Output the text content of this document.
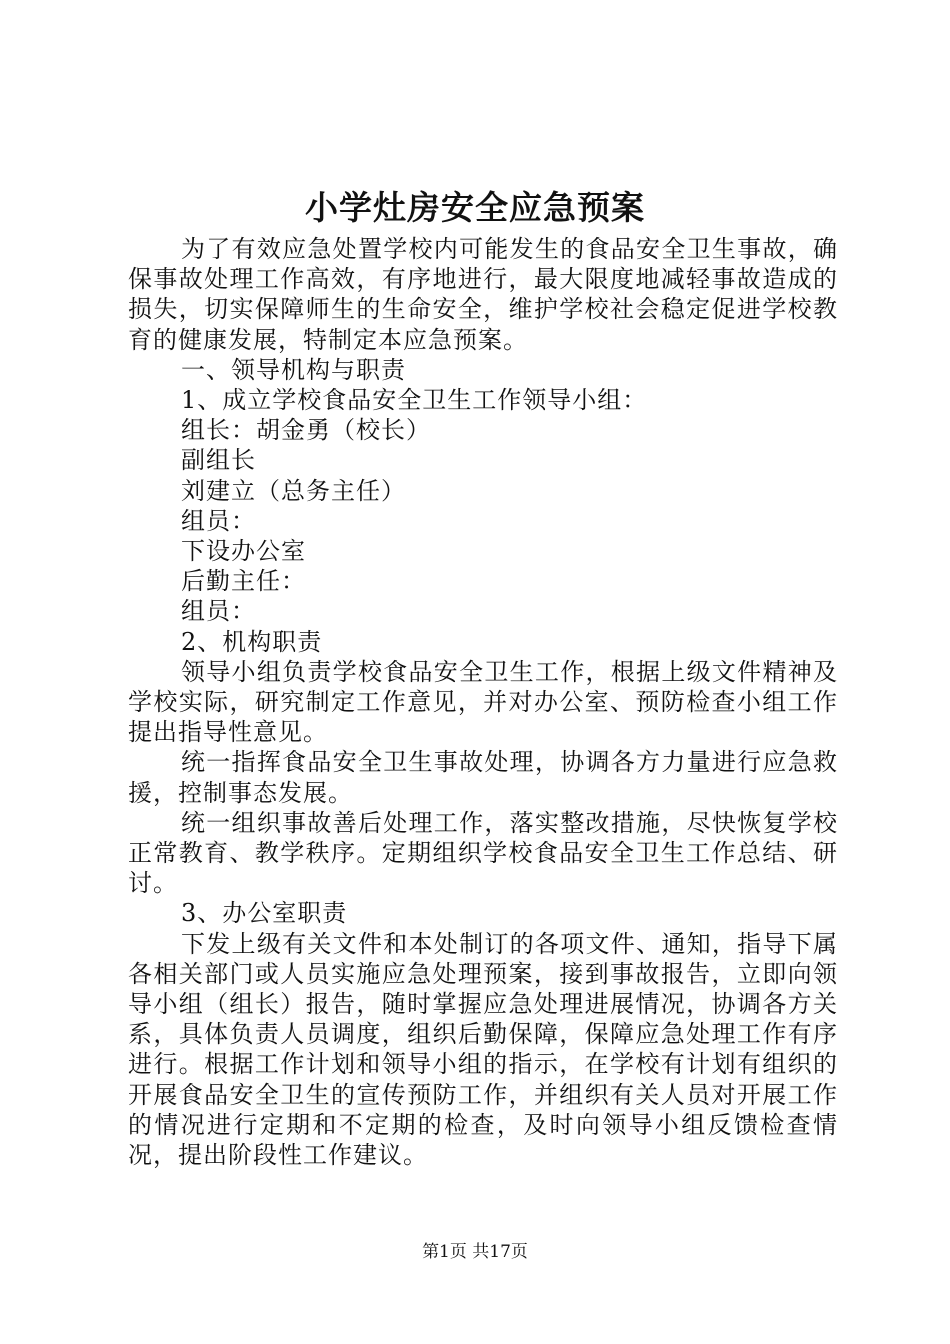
小学灶房安全应急预案

为了有效应急处置学校内可能发生的食品安全卫生事故，确保事故处理工作高效，有序地进行，最大限度地减轻事故造成的损失，切实保障师生的生命安全，维护学校社会稳定促进学校教育的健康发展，特制定本应急预案。

一、领导机构与职责

1、成立学校食品安全卫生工作领导小组：

组长：胡金勇（校长）

副组长

刘建立（总务主任）

组员：

下设办公室

后勤主任：

组员：

2、机构职责

领导小组负责学校食品安全卫生工作，根据上级文件精神及学校实际，研究制定工作意见，并对办公室、预防检查小组工作提出指导性意见。

统一指挥食品安全卫生事故处理，协调各方力量进行应急救援，控制事态发展。

统一组织事故善后处理工作，落实整改措施，尽快恢复学校正常教育、教学秩序。定期组织学校食品安全卫生工作总结、研讨。

3、办公室职责

下发上级有关文件和本处制订的各项文件、通知，指导下属各相关部门或人员实施应急处理预案，接到事故报告，立即向领导小组（组长）报告，随时掌握应急处理进展情况，协调各方关系，具体负责人员调度，组织后勤保障，保障应急处理工作有序进行。根据工作计划和领导小组的指示，在学校有计划有组织的开展食品安全卫生的宣传预防工作，并组织有关人员对开展工作的情况进行定期和不定期的检查，及时向领导小组反馈检查情况，提出阶段性工作建议。

第1页 共17页
